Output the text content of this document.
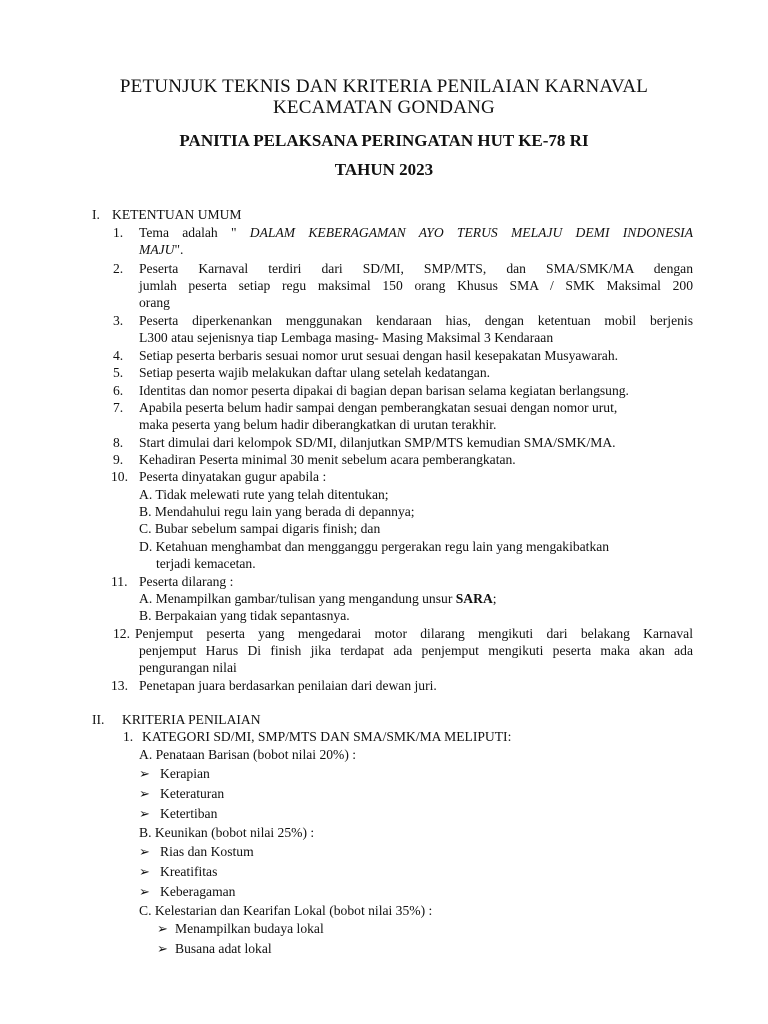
PETUNJUK TEKNIS DAN KRITERIA PENILAIAN KARNAVAL
KECAMATAN GONDANG
PANITIA PELAKSANA PERINGATAN HUT KE-78 RI
TAHUN 2023
I. KETENTUAN UMUM
1. Tema adalah " DALAM KEBERAGAMAN AYO TERUS MELAJU DEMI INDONESIA
MAJU".
2. Peserta Karnaval terdiri dari SD/MI, SMP/MTS, dan SMA/SMK/MA dengan
jumlah peserta setiap regu maksimal 150 orang Khusus SMA / SMK Maksimal 200
orang
3. Peserta diperkenankan menggunakan kendaraan hias, dengan ketentuan mobil berjenis
L300 atau sejenisnya tiap Lembaga masing- Masing Maksimal 3 Kendaraan
4. Setiap peserta berbaris sesuai nomor urut sesuai dengan hasil kesepakatan Musyawarah.
5. Setiap peserta wajib melakukan daftar ulang setelah kedatangan.
6. Identitas dan nomor peserta dipakai di bagian depan barisan selama kegiatan berlangsung.
7. Apabila peserta belum hadir sampai dengan pemberangkatan sesuai dengan nomor urut,
maka peserta yang belum hadir diberangkatkan di urutan terakhir.
8. Start dimulai dari kelompok SD/MI, dilanjutkan SMP/MTS kemudian SMA/SMK/MA.
9. Kehadiran Peserta minimal 30 menit sebelum acara pemberangkatan.
10. Peserta dinyatakan gugur apabila :
A. Tidak melewati rute yang telah ditentukan;
B. Mendahului regu lain yang berada di depannya;
C. Bubar sebelum sampai digaris finish; dan
D. Ketahuan menghambat dan mengganggu pergerakan regu lain yang mengakibatkan
terjadi kemacetan.
11. Peserta dilarang :
A. Menampilkan gambar/tulisan yang mengandung unsur SARA;
B. Berpakaian yang tidak sepantasnya.
12. Penjemput peserta yang mengedarai motor dilarang mengikuti dari belakang Karnaval
penjemput Harus Di finish jika terdapat ada penjemput mengikuti peserta maka akan ada
pengurangan nilai
13. Penetapan juara berdasarkan penilaian dari dewan juri.
II. KRITERIA PENILAIAN
1. KATEGORI SD/MI, SMP/MTS DAN SMA/SMK/MA MELIPUTI:
A. Penataan Barisan (bobot nilai 20%) :
➢ Kerapian
➢ Keteraturan
➢ Ketertiban
B. Keunikan (bobot nilai 25%) :
➢ Rias dan Kostum
➢ Kreatifitas
➢ Keberagaman
C. Kelestarian dan Kearifan Lokal (bobot nilai 35%) :
➢ Menampilkan budaya lokal
➢ Busana adat lokal
